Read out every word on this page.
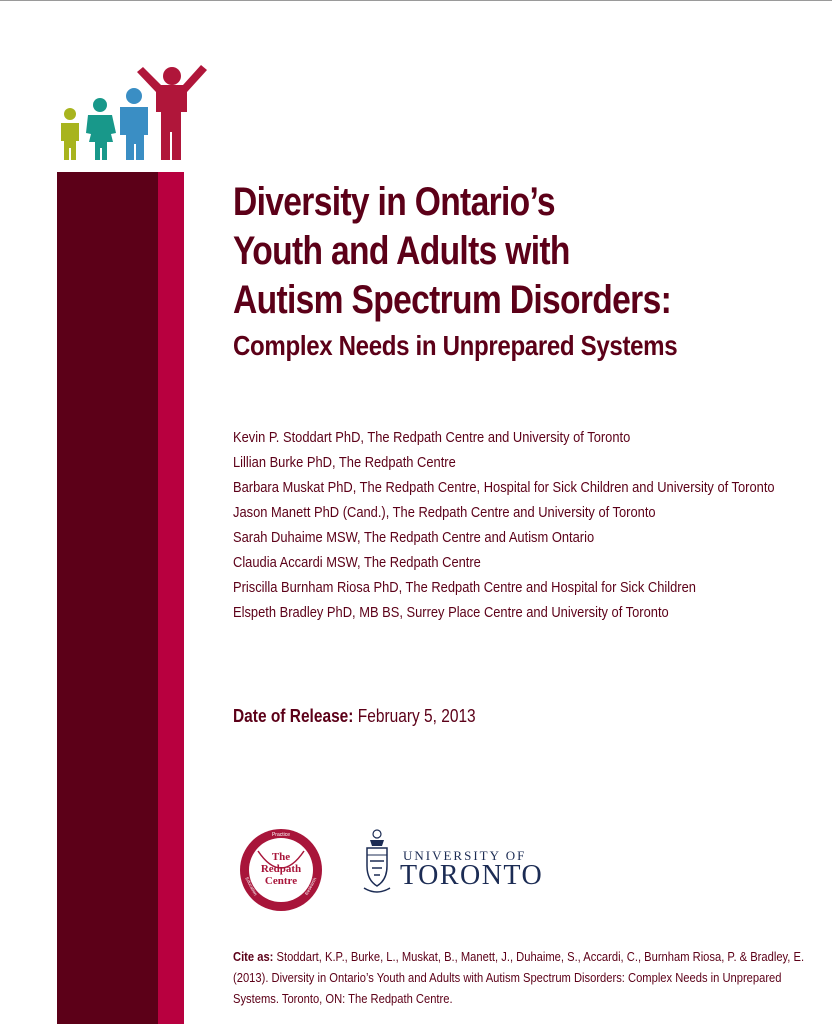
Diversity in Ontario’s
Youth and Adults with
Autism Spectrum Disorders:
Complex Needs in Unprepared Systems
Kevin P. Stoddart PhD, The Redpath Centre and University of Toronto
Lillian Burke PhD, The Redpath Centre
Barbara Muskat PhD, The Redpath Centre, Hospital for Sick Children and University of Toronto
Jason Manett PhD (Cand.), The Redpath Centre and University of Toronto
Sarah Duhaime MSW, The Redpath Centre and Autism Ontario
Claudia Accardi MSW, The Redpath Centre
Priscilla Burnham Riosa PhD, The Redpath Centre and Hospital for Sick Children
Elspeth Bradley PhD, MB BS, Surrey Place Centre and University of Toronto
Date of Release: February 5, 2013
Practice
Education	Research
The
Redpath
Centre
UNIVERSITY OF
TORONTO
Cite as: Stoddart, K.P., Burke, L., Muskat, B., Manett, J., Duhaime, S., Accardi, C., Burnham Riosa, P. & Bradley, E.
(2013). Diversity in Ontario’s Youth and Adults with Autism Spectrum Disorders: Complex Needs in Unprepared
Systems. Toronto, ON: The Redpath Centre.
